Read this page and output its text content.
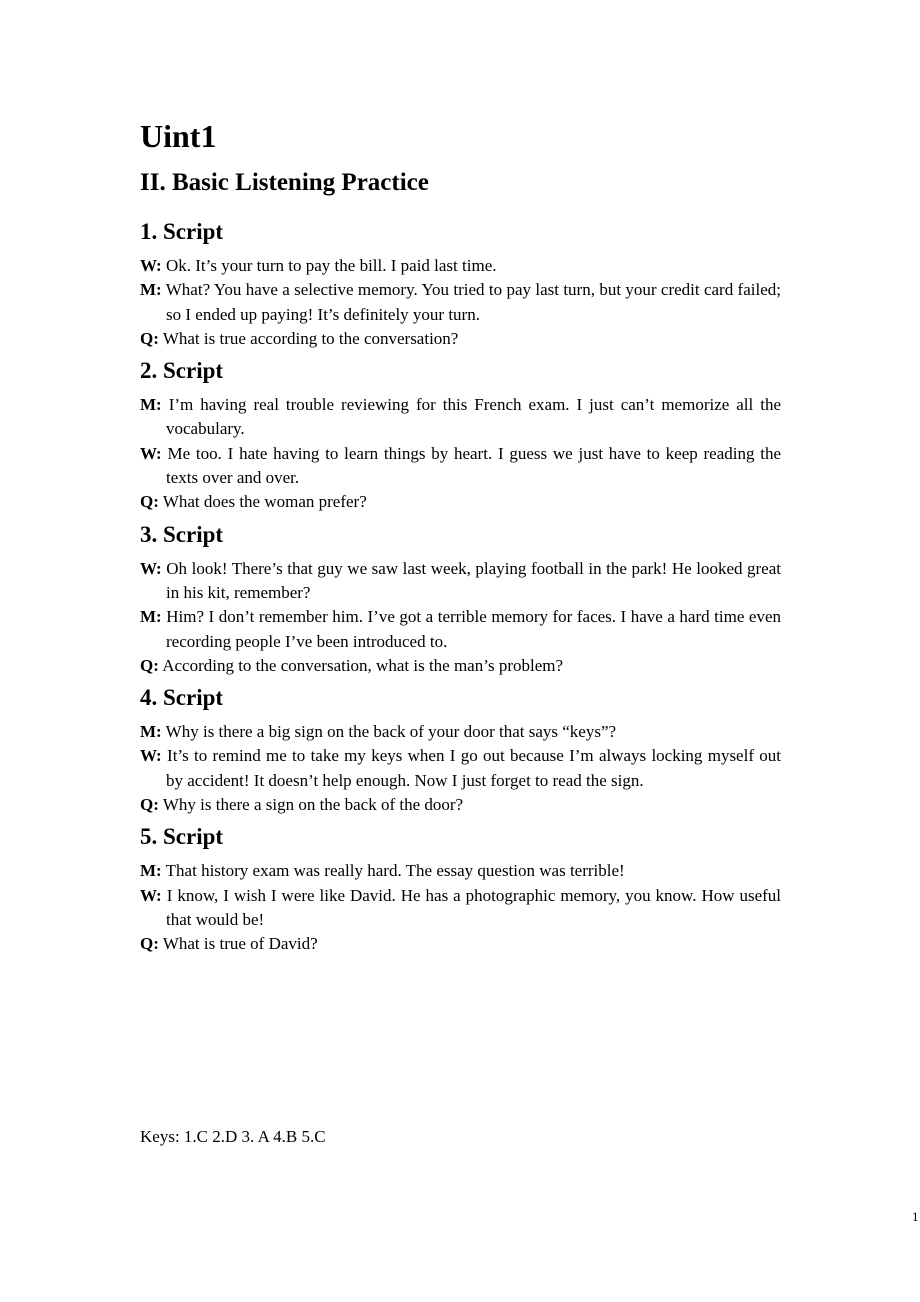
Uint1
II. Basic Listening Practice
1. Script
W: Ok. It’s your turn to pay the bill. I paid last time.
M: What? You have a selective memory. You tried to pay last turn, but your credit card failed; so I ended up paying! It’s definitely your turn.
Q: What is true according to the conversation?
2. Script
M: I’m having real trouble reviewing for this French exam. I just can’t memorize all the vocabulary.
W: Me too. I hate having to learn things by heart. I guess we just have to keep reading the texts over and over.
Q: What does the woman prefer?
3. Script
W: Oh look! There’s that guy we saw last week, playing football in the park! He looked great in his kit, remember?
M: Him? I don’t remember him. I’ve got a terrible memory for faces. I have a hard time even recording people I’ve been introduced to.
Q: According to the conversation, what is the man’s problem?
4. Script
M: Why is there a big sign on the back of your door that says “keys”?
W: It’s to remind me to take my keys when I go out because I’m always locking myself out by accident! It doesn’t help enough. Now I just forget to read the sign.
Q: Why is there a sign on the back of the door?
5. Script
M: That history exam was really hard. The essay question was terrible!
W: I know, I wish I were like David. He has a photographic memory, you know. How useful that would be!
Q: What is true of David?
Keys: 1.C 2.D 3. A 4.B 5.C
1
